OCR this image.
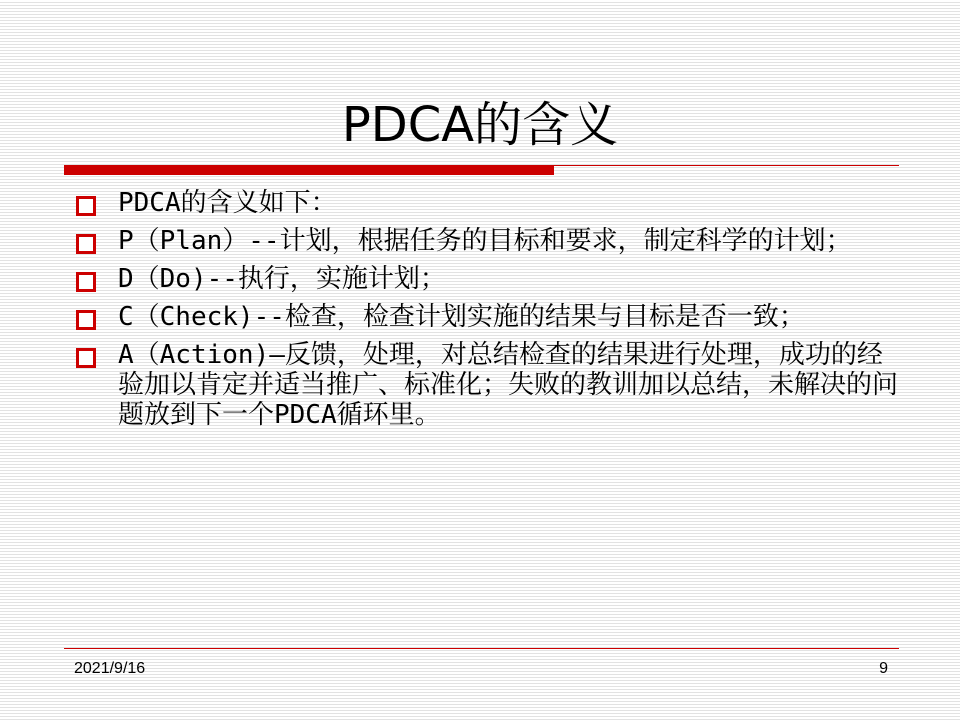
PDCA的含义
PDCA的含义如下：
P（Plan）--计划，根据任务的目标和要求，制定科学的计划；
D（Do)--执行，实施计划；
C（Check)--检查，检查计划实施的结果与目标是否一致；
A（Action)—反馈，处理，对总结检查的结果进行处理，成功的经验加以肯定并适当推广、标准化；失败的教训加以总结，未解决的问题放到下一个PDCA循环里。
2021/9/16	9
